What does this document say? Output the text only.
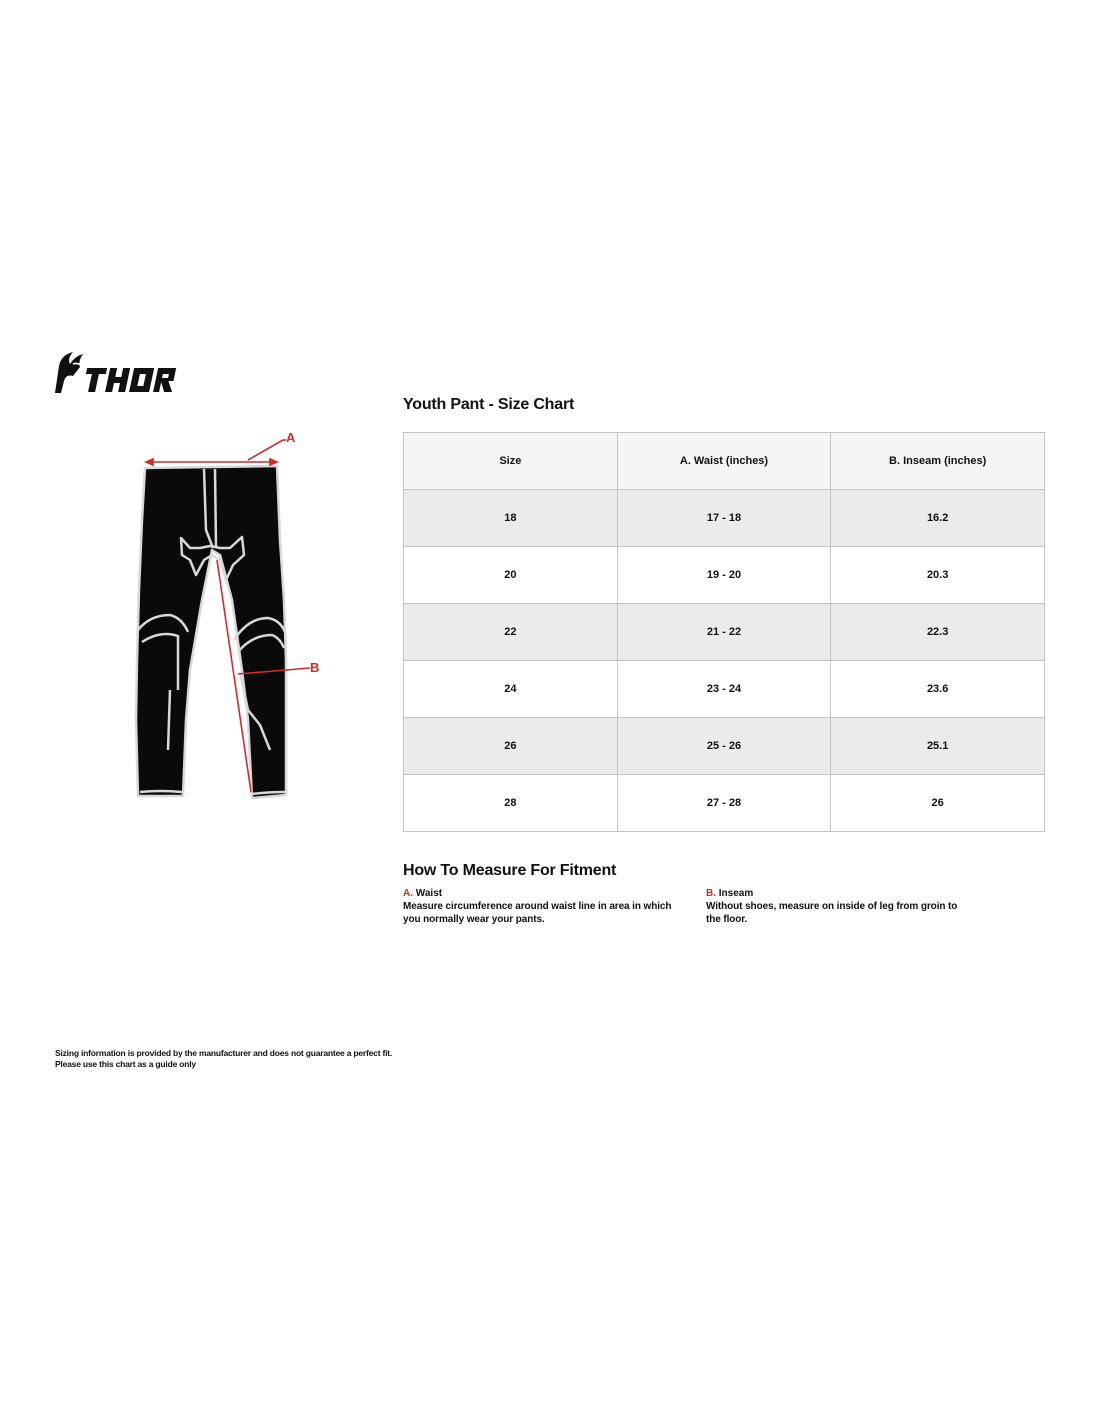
A
B
Youth Pant - Size Chart
Size	A. Waist (inches)	B. Inseam (inches)
18	17 - 18	16.2
20	19 - 20	20.3
22	21 - 22	22.3
24	23 - 24	23.6
26	25 - 26	25.1
28	27 - 28	26
How To Measure For Fitment
A. Waist
Measure circumference around waist line in area in which
you normally wear your pants.
B. Inseam
Without shoes, measure on inside of leg from groin to
the floor.
Sizing information is provided by the manufacturer and does not guarantee a perfect fit.
Please use this chart as a guide only
